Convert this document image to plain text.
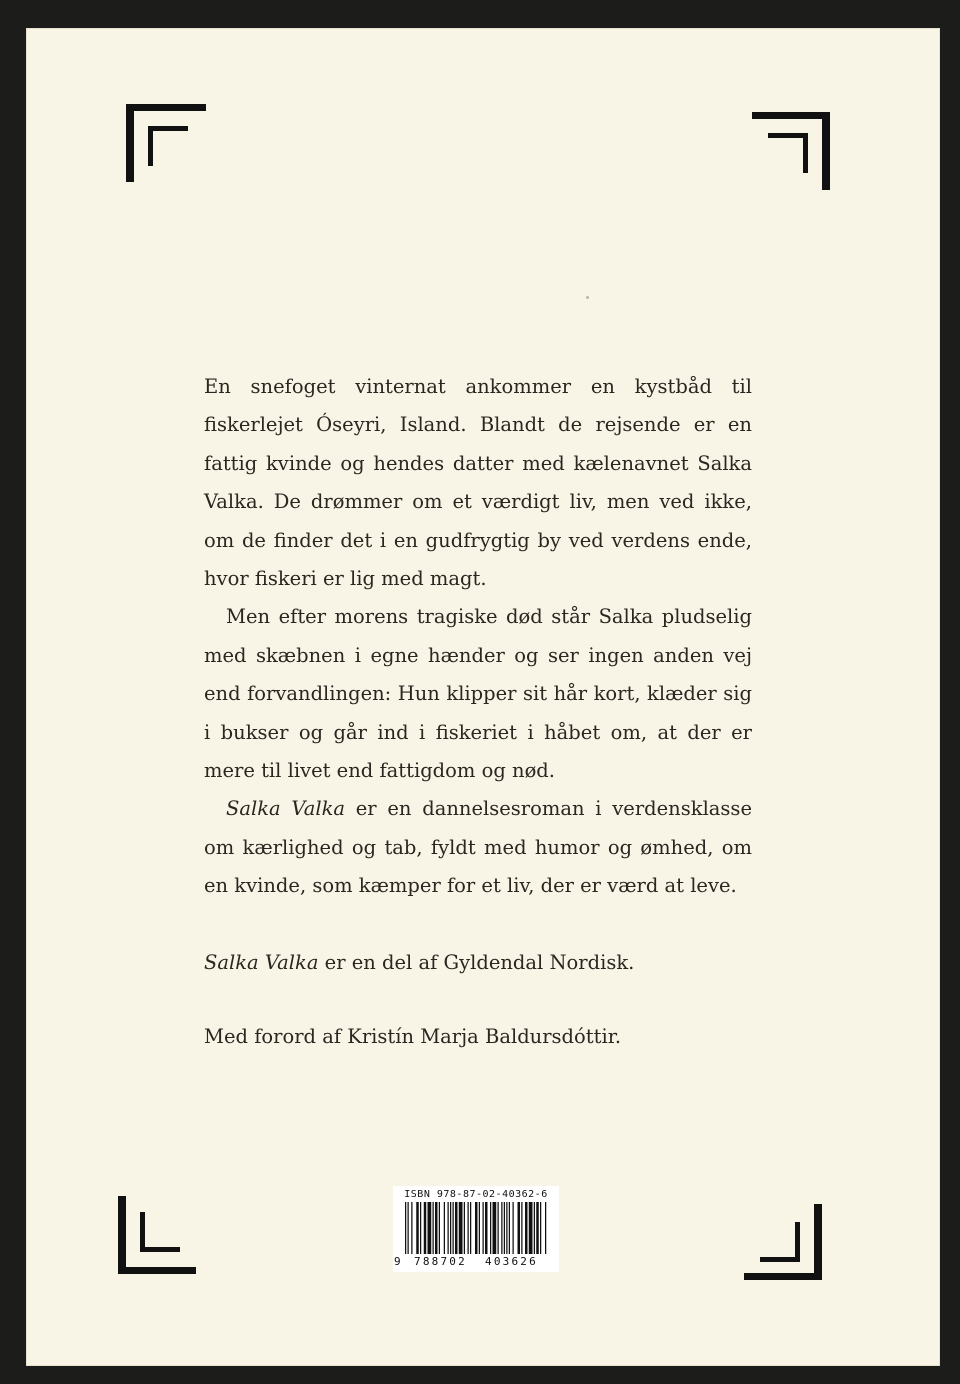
En snefoget vinternat ankommer en kystbåd til fiskerlejet Óseyri, Island. Blandt de rejsende er en fattig kvinde og hendes datter med kælenavnet Salka Valka. De drømmer om et værdigt liv, men ved ikke, om de finder det i en gudfrygtig by ved verdens ende, hvor fiskeri er lig med magt.

Men efter morens tragiske død står Salka pludselig med skæbnen i egne hænder og ser ingen anden vej end forvandlingen: Hun klipper sit hår kort, klæder sig i bukser og går ind i fiskeriet i håbet om, at der er mere til livet end fattigdom og nød.

Salka Valka er en dannelsesroman i verdensklasse om kærlighed og tab, fyldt med humor og ømhed, om en kvinde, som kæmper for et liv, der er værd at leve.

Salka Valka er en del af Gyldendal Nordisk.

Med forord af Kristín Marja Baldursdóttir.

ISBN 978-87-02-40362-6
9 788702 403626
